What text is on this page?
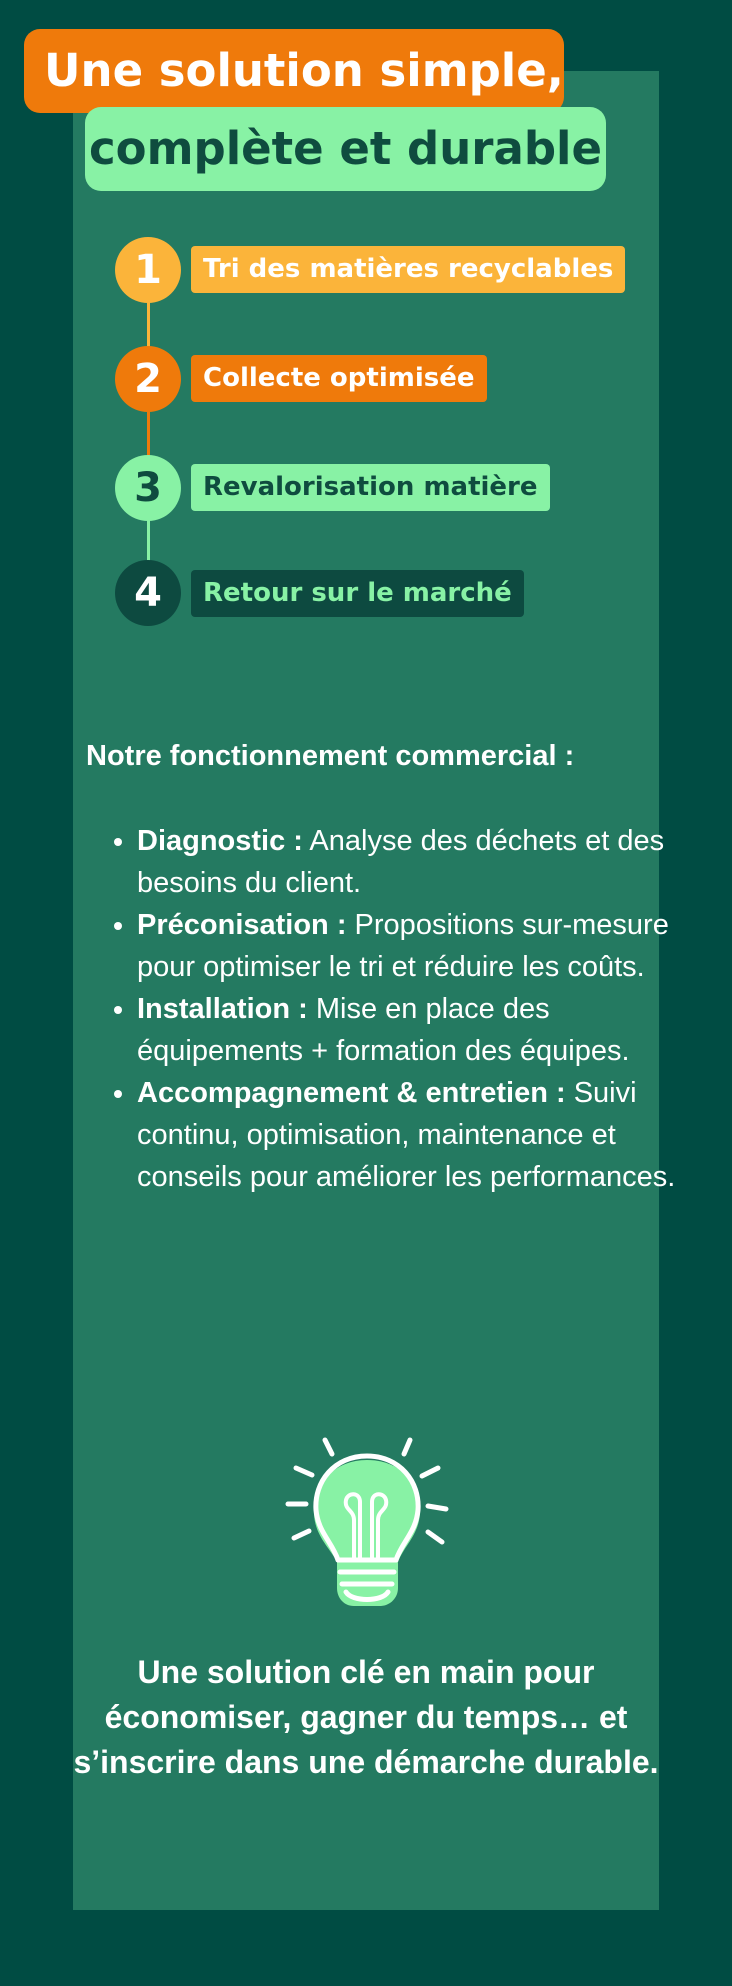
Une solution simple,
complète et durable
1	Tri des matières recyclables
2	Collecte optimisée
3	Revalorisation matière
4	Retour sur le marché
Notre fonctionnement commercial :
• Diagnostic : Analyse des déchets et des besoins du client.
• Préconisation : Propositions sur-mesure pour optimiser le tri et réduire les coûts.
• Installation : Mise en place des équipements + formation des équipes.
• Accompagnement & entretien : Suivi continu, optimisation, maintenance et conseils pour améliorer les performances.
Une solution clé en main pour économiser, gagner du temps… et s’inscrire dans une démarche durable.
